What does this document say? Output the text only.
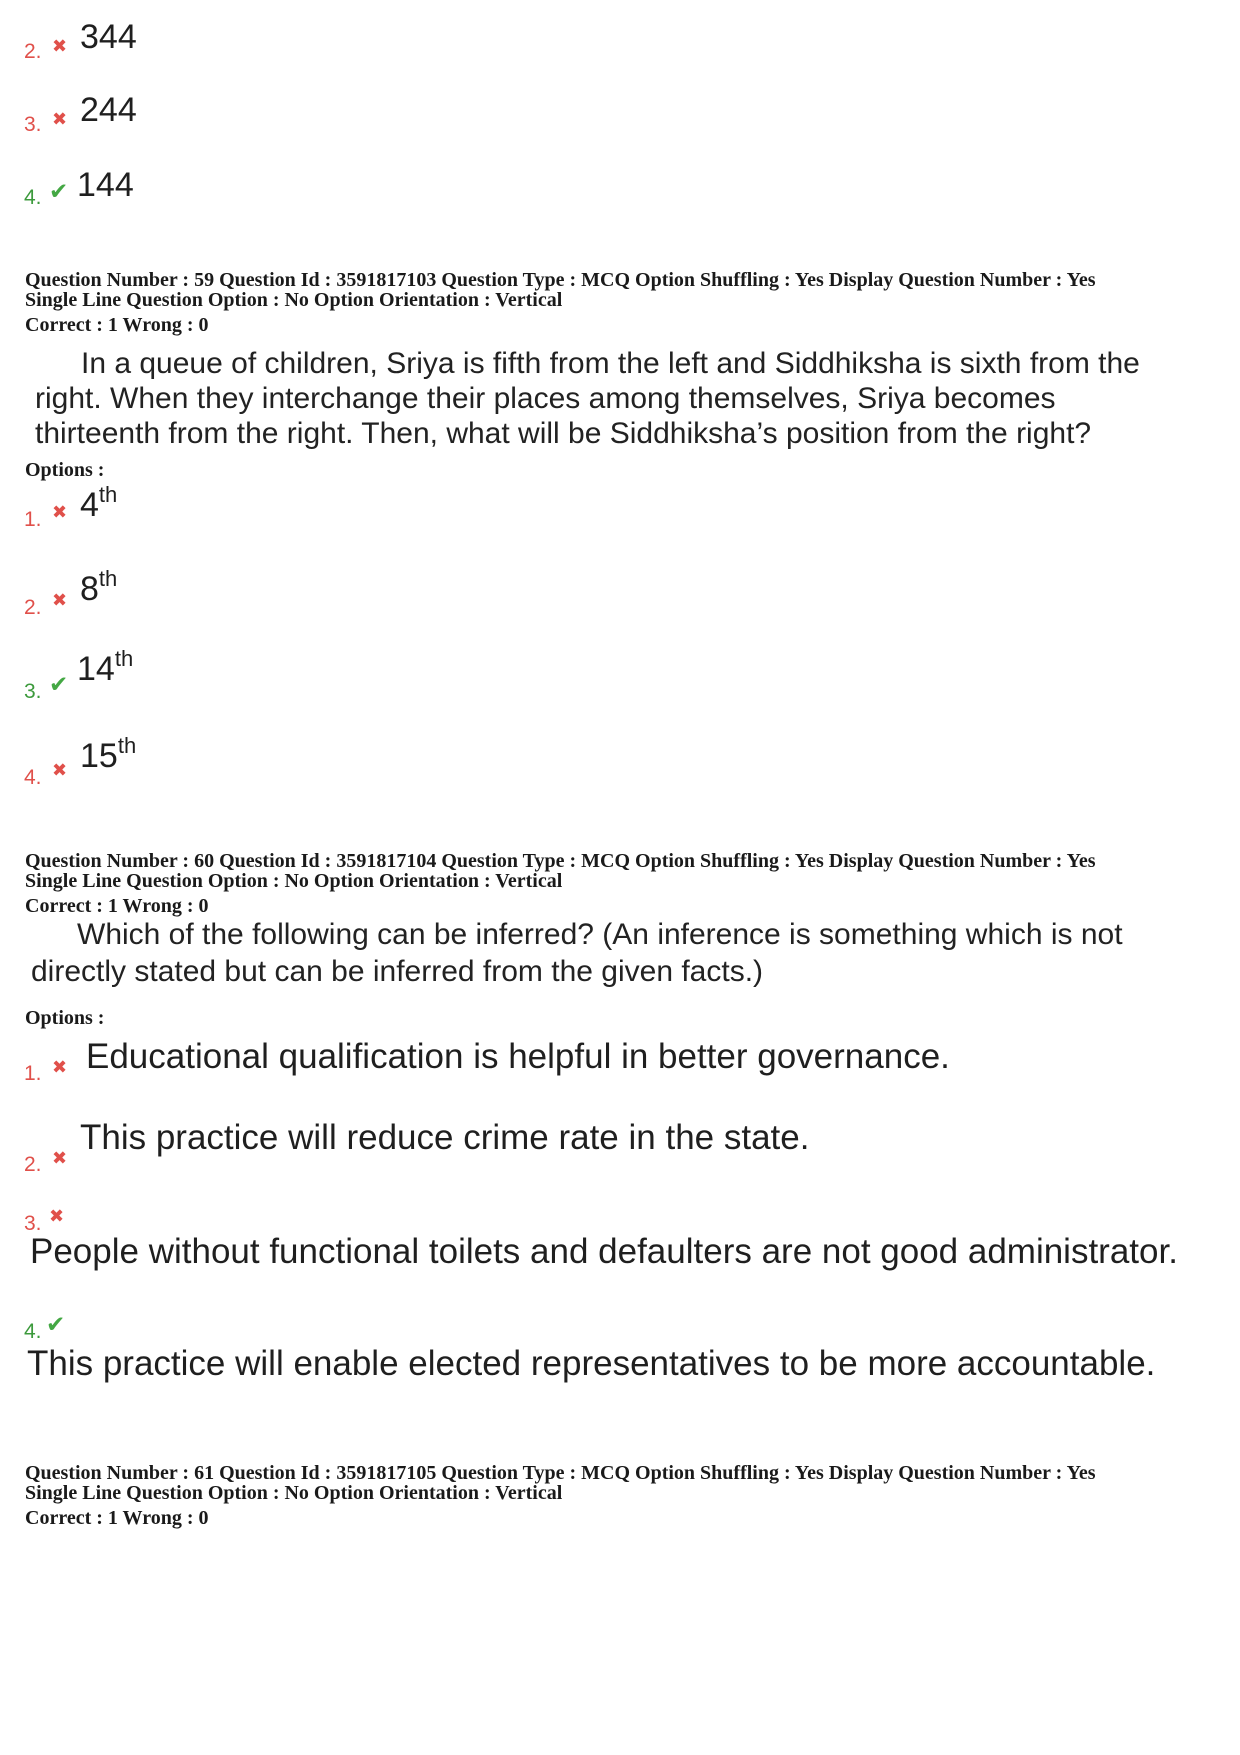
2. ✖ 344
3. ✖ 244
4. ✔ 144
Question Number : 59 Question Id : 3591817103 Question Type : MCQ Option Shuffling : Yes Display Question Number : Yes
Single Line Question Option : No Option Orientation : Vertical
Correct : 1 Wrong : 0
In a queue of children, Sriya is fifth from the left and Siddhiksha is sixth from the
right. When they interchange their places among themselves, Sriya becomes
thirteenth from the right. Then, what will be Siddhiksha’s position from the right?
Options :
1. ✖ 4th
2. ✖ 8th
3. ✔ 14th
4. ✖ 15th
Question Number : 60 Question Id : 3591817104 Question Type : MCQ Option Shuffling : Yes Display Question Number : Yes
Single Line Question Option : No Option Orientation : Vertical
Correct : 1 Wrong : 0
Which of the following can be inferred? (An inference is something which is not
directly stated but can be inferred from the given facts.)
Options :
1. ✖ Educational qualification is helpful in better governance.
2. ✖
This practice will reduce crime rate in the state.
3. ✖
People without functional toilets and defaulters are not good administrator.
4. ✔
This practice will enable elected representatives to be more accountable.
Question Number : 61 Question Id : 3591817105 Question Type : MCQ Option Shuffling : Yes Display Question Number : Yes
Single Line Question Option : No Option Orientation : Vertical
Correct : 1 Wrong : 0
